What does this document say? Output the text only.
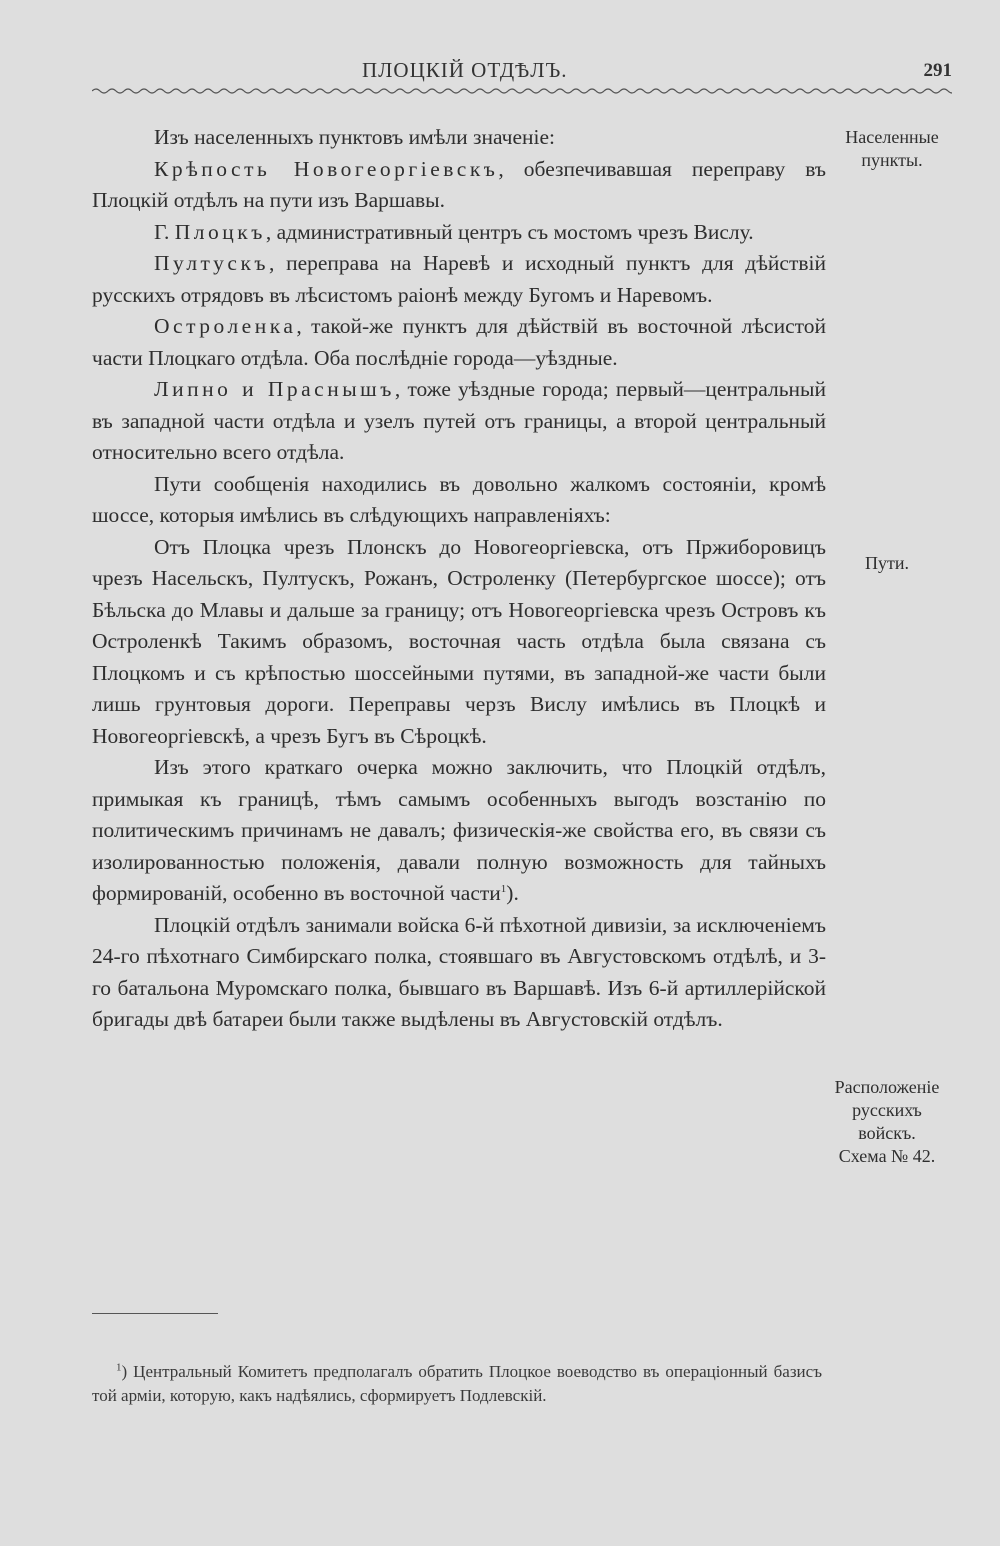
ПЛОЦКІЙ ОТДѢЛЪ.	291

Изъ населенныхъ пунктовъ имѣли значеніе:

Крѣпость Новогеоргіевскъ, обезпечивавшая переправу въ Плоцкій отдѣлъ на пути изъ Варшавы.

Г. Плоцкъ, административный центръ съ мостомъ чрезъ Вислу.

Пултускъ, переправа на Наревѣ и исходный пунктъ для дѣйствій русскихъ отрядовъ въ лѣсистомъ раіонѣ между Бугомъ и Наревомъ.

Остроленка, такой-же пунктъ для дѣйствій въ восточной лѣсистой части Плоцкаго отдѣла. Оба послѣдніе города—уѣздные.

Липно и Праснышъ, тоже уѣздные города; первый—центральный въ западной части отдѣла и узелъ путей отъ границы, а второй центральный относительно всего отдѣла.

Пути сообщенія находились въ довольно жалкомъ состояніи, кромѣ шоссе, которыя имѣлись въ слѣдующихъ направленіяхъ:

Отъ Плоцка чрезъ Плонскъ до Новогеоргіевска, отъ Пржиборовицъ чрезъ Насельскъ, Пултускъ, Рожанъ, Остроленку (Петербургское шоссе); отъ Бѣльска до Млавы и дальше за границу; отъ Новогеоргіевска чрезъ Островъ къ Остроленкѣ Такимъ образомъ, восточная часть отдѣла была связана съ Плоцкомъ и съ крѣпостью шоссейными путями, въ западной-же части были лишь грунтовыя дороги. Переправы черзъ Вислу имѣлись въ Плоцкѣ и Новогеоргіевскѣ, а чрезъ Бугъ въ Сѣроцкѣ.

Изъ этого краткаго очерка можно заключить, что Плоцкій отдѣлъ, примыкая къ границѣ, тѣмъ самымъ особенныхъ выгодъ возстанію по политическимъ причинамъ не давалъ; физическія-же свойства его, въ связи съ изолированностью положенія, давали полную возможность для тайныхъ формированій, особенно въ восточной части$^1$).

Плоцкій отдѣлъ занимали войска 6-й пѣхотной дивизіи, за исключеніемъ 24-го пѣхотнаго Симбирскаго полка, стоявшаго въ Августовскомъ отдѣлѣ, и 3-го батальона Муромскаго полка, бывшаго въ Варшавѣ. Изъ 6-й артиллерійской бригады двѣ батареи были также выдѣлены въ Августовскій отдѣлъ.

Населенные пункты.
Пути.
Расположеніе
русскихъ
войскъ.
Схема № 42.
$^1$) Центральный Комитетъ предполагалъ обратить Плоцкое воеводство въ операціонный базисъ той арміи, которую, какъ надѣялись, сформируетъ Подлевскій.
